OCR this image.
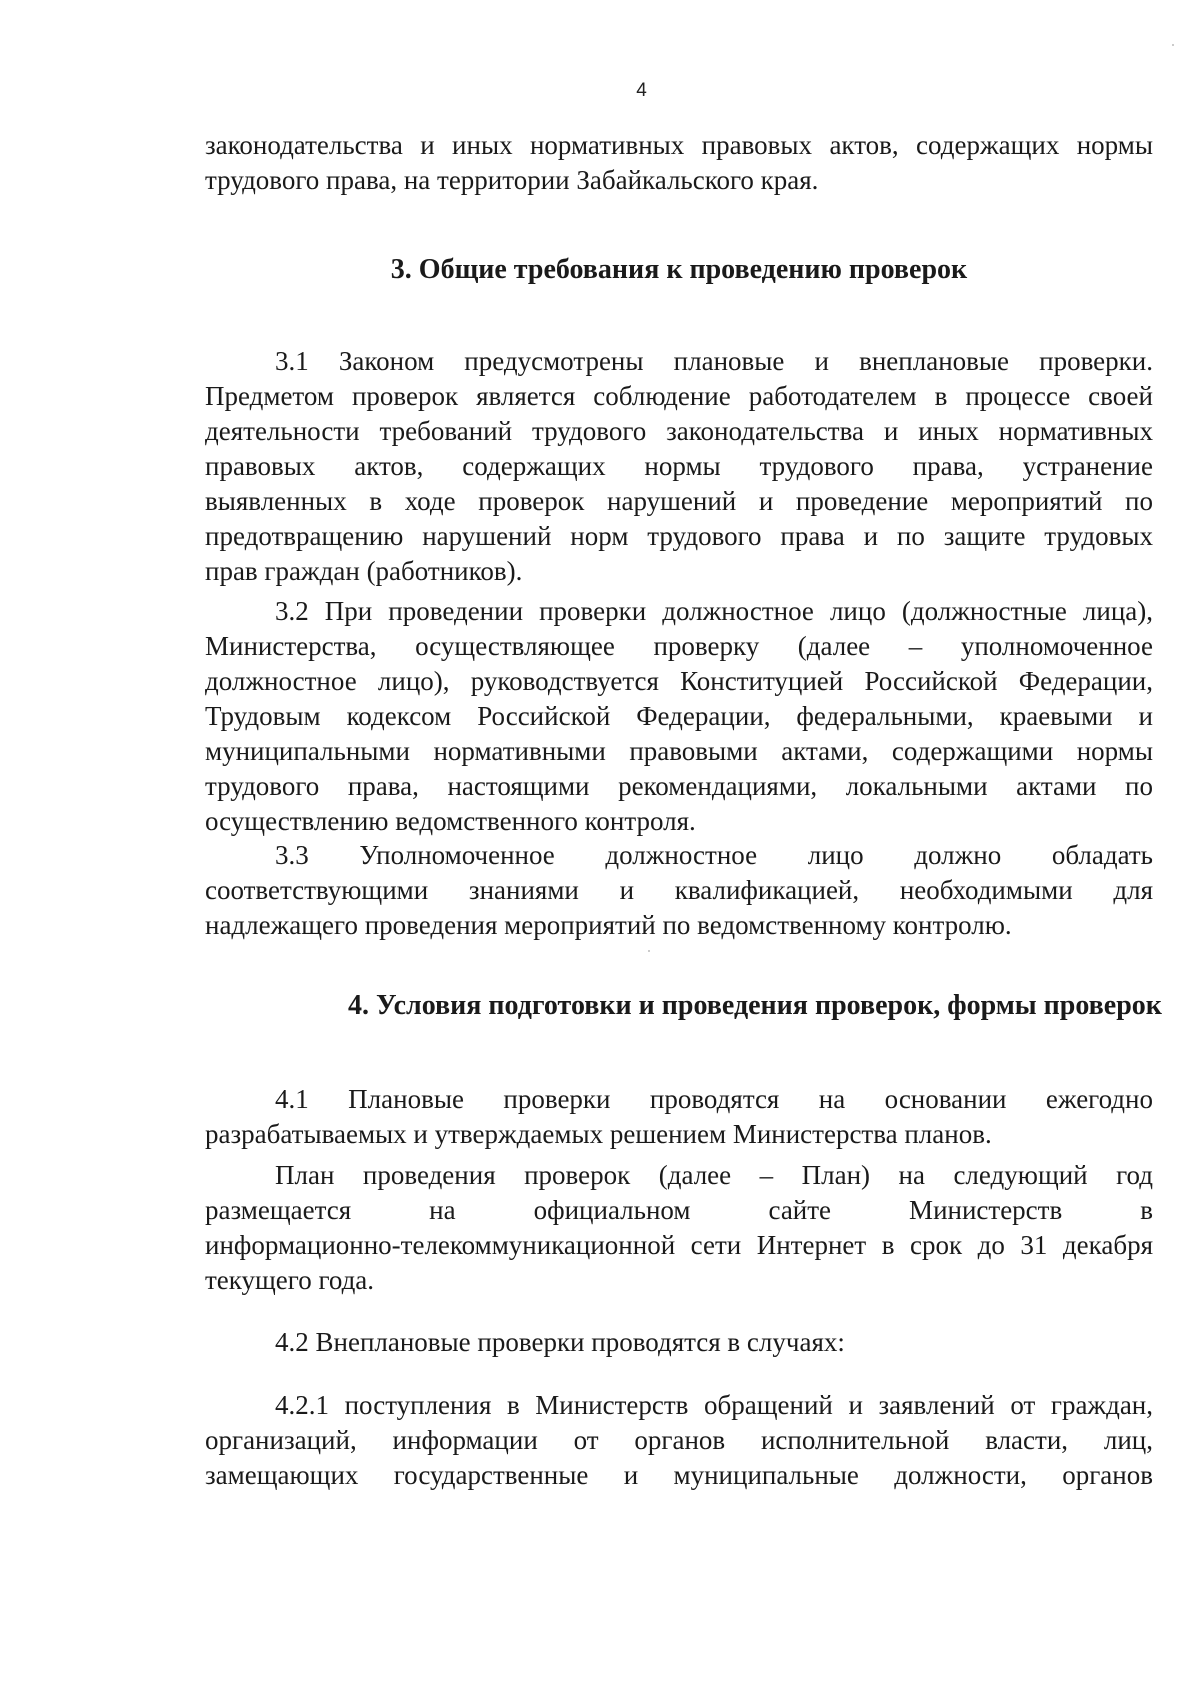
4
законодательства и иных нормативных правовых актов, содержащих нормы
трудового права, на территории Забайкальского края.
3. Общие требования к проведению проверок
3.1 Законом предусмотрены плановые и внеплановые проверки.
Предметом проверок является соблюдение работодателем в процессе своей
деятельности требований трудового законодательства и иных нормативных
правовых актов, содержащих нормы трудового права, устранение
выявленных в ходе проверок нарушений и проведение мероприятий по
предотвращению нарушений норм трудового права и по защите трудовых
прав граждан (работников).
3.2 При проведении проверки должностное лицо (должностные лица),
Министерства, осуществляющее проверку (далее – уполномоченное
должностное лицо), руководствуется Конституцией Российской Федерации,
Трудовым кодексом Российской Федерации, федеральными, краевыми и
муниципальными нормативными правовыми актами, содержащими нормы
трудового права, настоящими рекомендациями, локальными актами по
осуществлению ведомственного контроля.
3.3 Уполномоченное должностное лицо должно обладать
соответствующими знаниями и квалификацией, необходимыми для
надлежащего проведения мероприятий по ведомственному контролю.
4. Условия подготовки и проведения проверок, формы проверок
4.1 Плановые проверки проводятся на основании ежегодно
разрабатываемых и утверждаемых решением Министерства планов.
План проведения проверок (далее – План) на следующий год
размещается на официальном сайте Министерств в
информационно-телекоммуникационной сети Интернет в срок до 31 декабря
текущего года.
4.2 Внеплановые проверки проводятся в случаях:
4.2.1 поступления в Министерств обращений и заявлений от граждан,
организаций, информации от органов исполнительной власти, лиц,
замещающих государственные и муниципальные должности, органов
